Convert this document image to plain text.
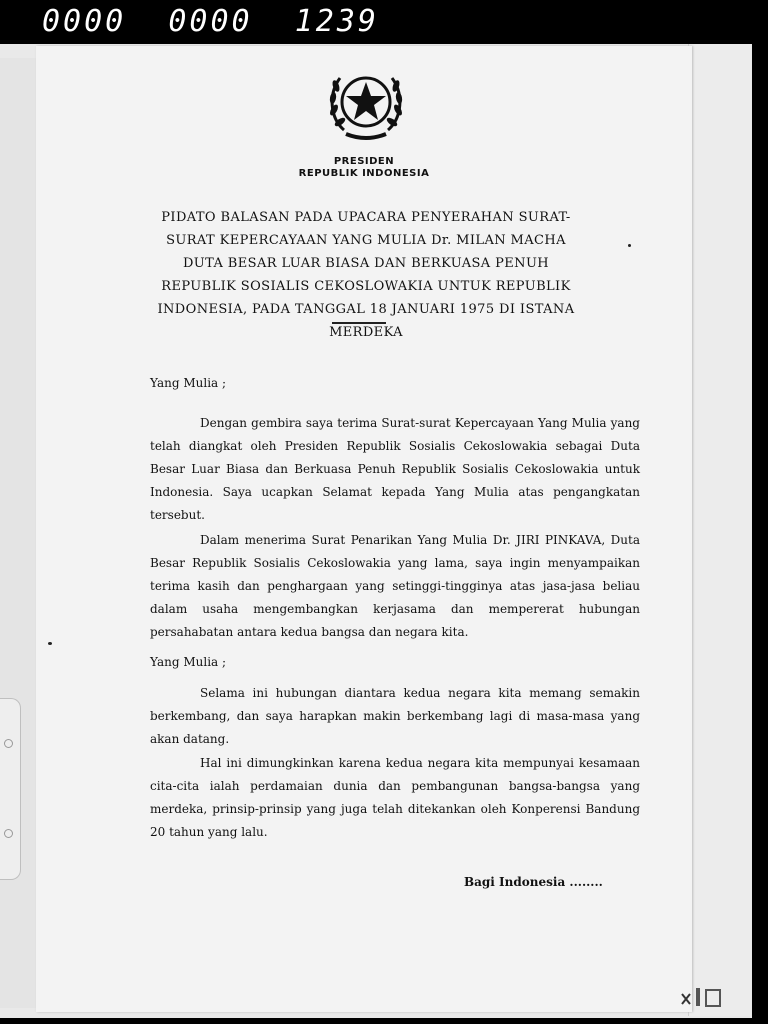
0000  0000  1239
PRESIDEN
REPUBLIK INDONESIA
PIDATO BALASAN PADA UPACARA PENYERAHAN SURAT-SURAT KEPERCAYAAN YANG MULIA Dr. MILAN MACHA DUTA BESAR LUAR BIASA DAN BERKUASA PENUH REPUBLIK SOSIALIS CEKOSLOWAKIA UNTUK REPUBLIK INDONESIA, PADA TANGGAL 18 JANUARI 1975 DI ISTANA MERDEKA
Yang Mulia ;
Dengan gembira saya terima Surat-surat Kepercayaan Yang Mulia yang telah diangkat oleh Presiden Republik Sosialis Cekoslowakia sebagai Duta Besar Luar Biasa dan Berkuasa Penuh Republik Sosialis Cekoslowakia untuk Indonesia. Saya ucapkan Selamat kepada Yang Mulia atas pengangkatan tersebut.
Dalam menerima Surat Penarikan Yang Mulia Dr. JIRI PINKAVA, Duta Besar Republik Sosialis Cekoslowakia yang lama, saya ingin menyampaikan terima kasih dan penghargaan yang setinggi-tingginya atas jasa-jasa beliau dalam usaha mengembangkan kerjasama dan mempererat hubungan persahabatan antara kedua bangsa dan negara kita.
Yang Mulia ;
Selama ini hubungan diantara kedua negara kita memang semakin berkembang, dan saya harapkan makin berkembang lagi di masa-masa yang akan datang.
Hal ini dimungkinkan karena kedua negara kita mempunyai kesamaan cita-cita ialah perdamaian dunia dan pembangunan bangsa-bangsa yang merdeka, prinsip-prinsip yang juga telah ditekankan oleh Konperensi Bandung 20 tahun yang lalu.
Bagi Indonesia ........
